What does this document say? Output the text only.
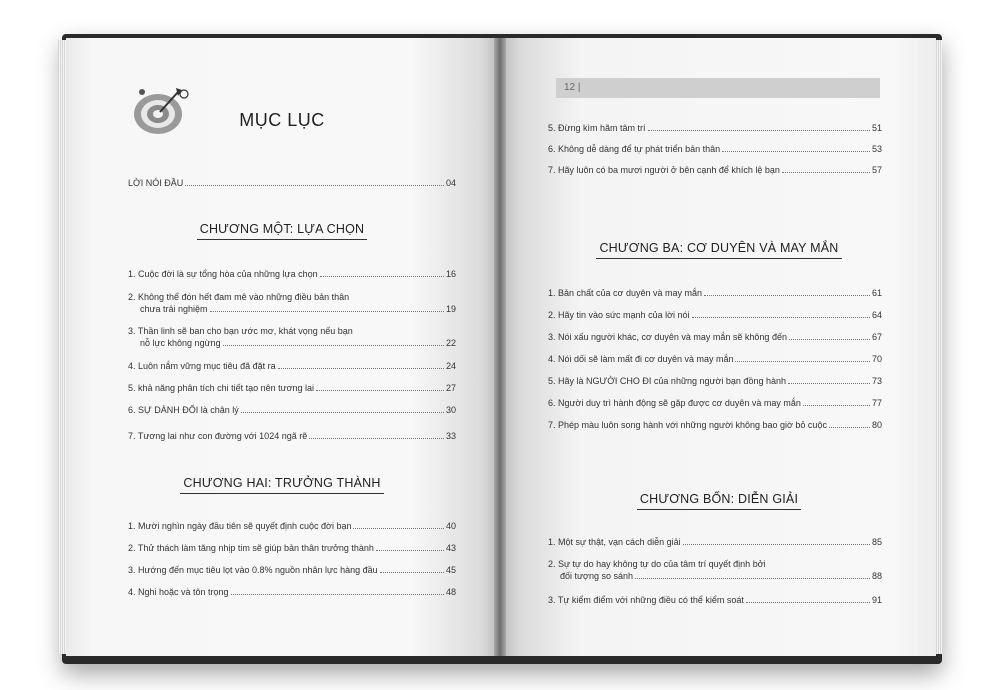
MỤC LỤC
LỜI NÓI ĐẦU	04
CHƯƠNG MỘT: LỰA CHỌN
1. Cuộc đời là sự tổng hòa của những lựa chọn	16
2. Không thể đón hết đam mê vào những điều bản thân
chưa trải nghiệm	19
3. Thần linh sẽ ban cho bạn ước mơ, khát vọng nếu bạn
nỗ lực không ngừng	22
4. Luôn nắm vững mục tiêu đã đặt ra	24
5. khả năng phân tích chi tiết tạo nên tương lai	27
6. SỰ DÀNH ĐỔI là chân lý	30
7. Tương lai như con đường với 1024 ngã rẽ	33
CHƯƠNG HAI: TRƯỞNG THÀNH
1. Mười nghìn ngày đầu tiên sẽ quyết định cuộc đời bạn	40
2. Thử thách làm tăng nhịp tim sẽ giúp bản thân trưởng thành	43
3. Hướng đến mục tiêu lọt vào 0.8% nguồn nhân lực hàng đầu	45
4. Nghi hoặc và tôn trọng	48
12 |
5. Đừng kìm hãm tâm trí	51
6. Không dễ dàng để tự phát triển bản thân	53
7. Hãy luôn có ba mươi người ở bên cạnh để khích lệ bạn	57
CHƯƠNG BA: CƠ DUYÊN VÀ MAY MẮN
1. Bản chất của cơ duyên và may mắn	61
2. Hãy tin vào sức mạnh của lời nói	64
3. Nói xấu người khác, cơ duyên và may mắn sẽ không đến	67
4. Nói dối sẽ làm mất đi cơ duyên và may mắn	70
5. Hãy là NGƯỜI CHO ĐI của những người bạn đồng hành	73
6. Người duy trì hành động sẽ gặp được cơ duyên và may mắn	77
7. Phép màu luôn song hành với những người không bao giờ bỏ cuộc	80
CHƯƠNG BỐN: DIỄN GIẢI
1. Một sự thật, vạn cách diễn giải	85
2. Sự tự do hay không tự do của tâm trí quyết định bởi
đối tượng so sánh	88
3. Tự kiểm điểm với những điều có thể kiểm soát	91
